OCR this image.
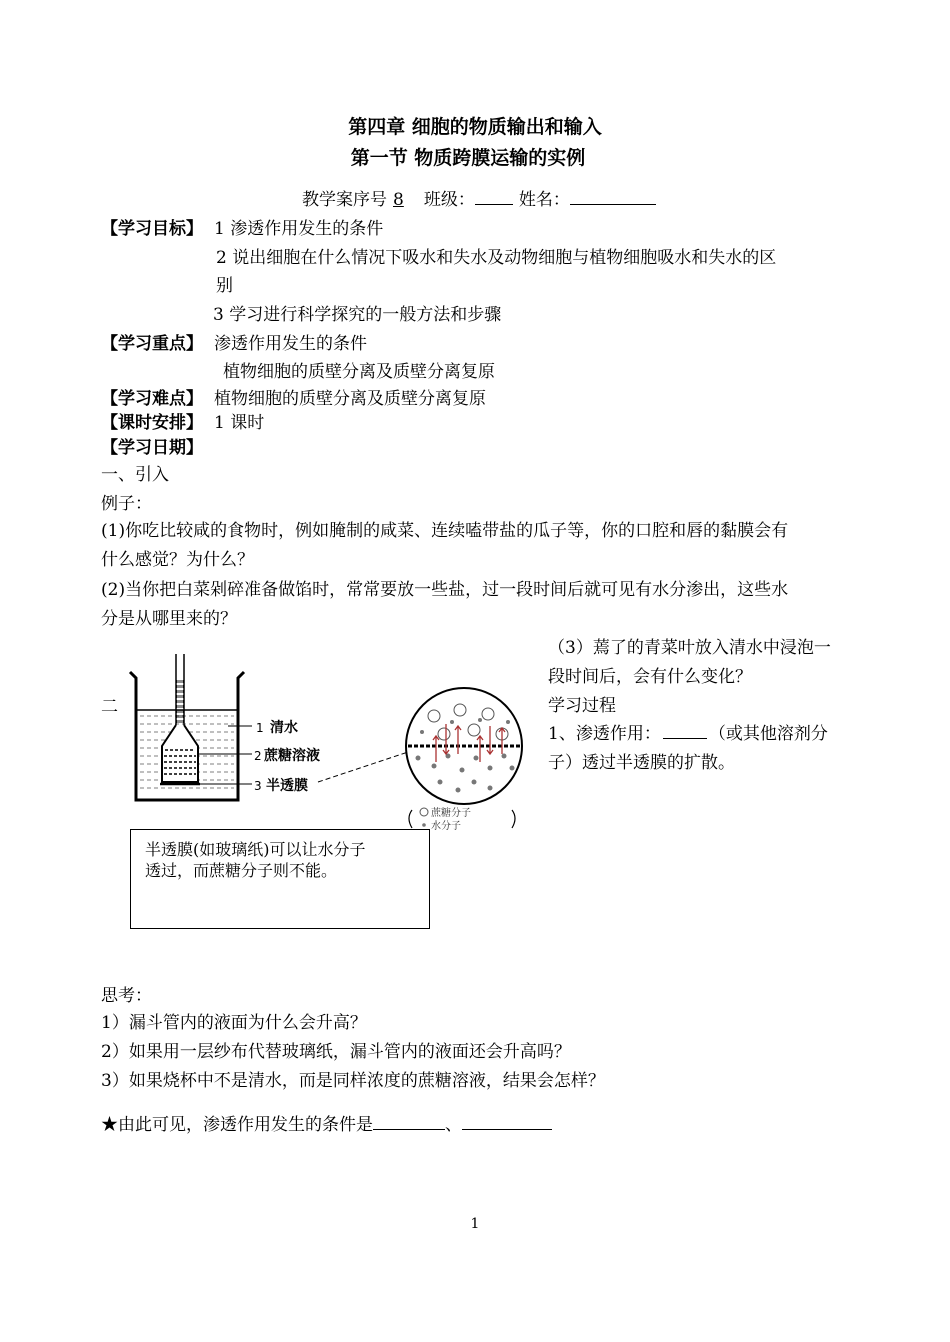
第四章 细胞的物质输出和输入
第一节 物质跨膜运输的实例
教学案序号 8 班级：	姓名：
【学习目标】 1 渗透作用发生的条件
2 说出细胞在什么情况下吸水和失水及动物细胞与植物细胞吸水和失水的区
别
3 学习进行科学探究的一般方法和步骤
【学习重点】 渗透作用发生的条件
植物细胞的质壁分离及质壁分离复原
【学习难点】 植物细胞的质壁分离及质壁分离复原
【课时安排】 1 课时
【学习日期】
一、引入
例子：
(1)你吃比较咸的食物时，例如腌制的咸菜、连续嗑带盐的瓜子等，你的口腔和唇的黏膜会有
什么感觉？为什么？
(2)当你把白菜剁碎准备做馅时，常常要放一些盐，过一段时间后就可见有水分渗出，这些水
分是从哪里来的？
（3）蔫了的青菜叶放入清水中浸泡一
段时间后，会有什么变化？
学习过程
1、渗透作用：	（或其他溶剂分
子）透过半透膜的扩散。
二
1 清水
2 蔗糖溶液
3 半透膜
蔗糖分子
水分子
半透膜(如玻璃纸)可以让水分子
透过，而蔗糖分子则不能。
思考：
1）漏斗管内的液面为什么会升高？
2）如果用一层纱布代替玻璃纸，漏斗管内的液面还会升高吗？
3）如果烧杯中不是清水，而是同样浓度的蔗糖溶液，结果会怎样？
★由此可见，渗透作用发生的条件是	、
1
